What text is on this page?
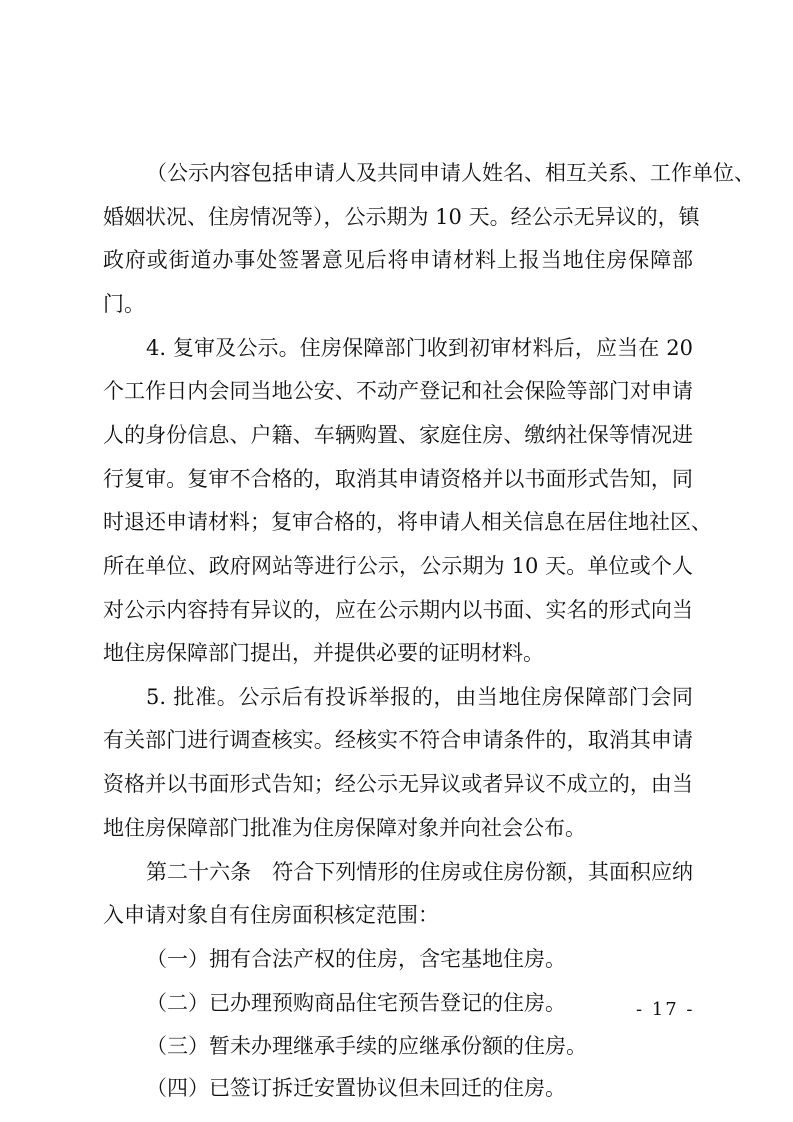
（公示内容包括申请人及共同申请人姓名、相互关系、工作单位、
婚姻状况、住房情况等），公示期为 10 天。经公示无异议的，镇
政府或街道办事处签署意见后将申请材料上报当地住房保障部
门。
4. 复审及公示。住房保障部门收到初审材料后，应当在 20
个工作日内会同当地公安、不动产登记和社会保险等部门对申请
人的身份信息、户籍、车辆购置、家庭住房、缴纳社保等情况进
行复审。复审不合格的，取消其申请资格并以书面形式告知，同
时退还申请材料；复审合格的，将申请人相关信息在居住地社区、
所在单位、政府网站等进行公示，公示期为 10 天。单位或个人
对公示内容持有异议的，应在公示期内以书面、实名的形式向当
地住房保障部门提出，并提供必要的证明材料。
5. 批准。公示后有投诉举报的，由当地住房保障部门会同
有关部门进行调查核实。经核实不符合申请条件的，取消其申请
资格并以书面形式告知；经公示无异议或者异议不成立的，由当
地住房保障部门批准为住房保障对象并向社会公布。
第二十六条　符合下列情形的住房或住房份额，其面积应纳
入申请对象自有住房面积核定范围：
（一）拥有合法产权的住房，含宅基地住房。
（二）已办理预购商品住宅预告登记的住房。
（三）暂未办理继承手续的应继承份额的住房。
（四）已签订拆迁安置协议但未回迁的住房。
- 17 -
